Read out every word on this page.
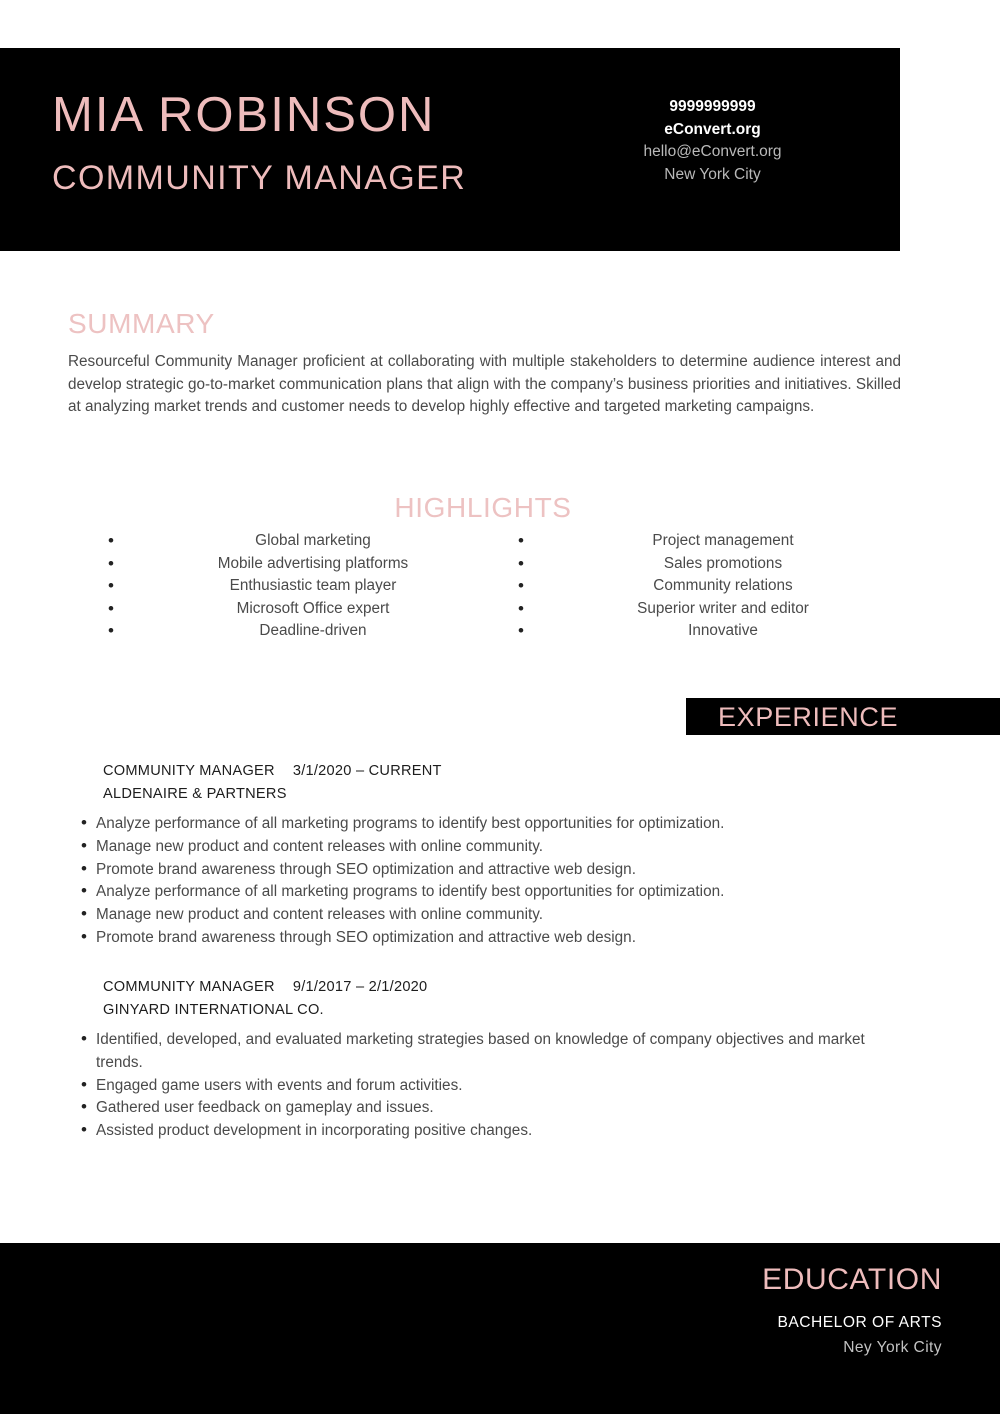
MIA ROBINSON
COMMUNITY MANAGER
9999999999
eConvert.org
hello@eConvert.org
New York City
SUMMARY
Resourceful Community Manager proficient at collaborating with multiple stakeholders to determine audience interest and develop strategic go-to-market communication plans that align with the company’s business priorities and initiatives. Skilled at analyzing market trends and customer needs to develop highly effective and targeted marketing campaigns.
HIGHLIGHTS
•	Global marketing
•	Mobile advertising platforms
•	Enthusiastic team player
•	Microsoft Office expert
•	Deadline-driven
•	Project management
•	Sales promotions
•	Community relations
•	Superior writer and editor
•	Innovative
EXPERIENCE
COMMUNITY MANAGER 3/1/2020 – CURRENT
ALDENAIRE & PARTNERS
• Analyze performance of all marketing programs to identify best opportunities for optimization.
• Manage new product and content releases with online community.
• Promote brand awareness through SEO optimization and attractive web design.
• Analyze performance of all marketing programs to identify best opportunities for optimization.
• Manage new product and content releases with online community.
• Promote brand awareness through SEO optimization and attractive web design.
COMMUNITY MANAGER 9/1/2017 – 2/1/2020
GINYARD INTERNATIONAL CO.
• Identified, developed, and evaluated marketing strategies based on knowledge of company objectives and market trends.
• Engaged game users with events and forum activities.
• Gathered user feedback on gameplay and issues.
• Assisted product development in incorporating positive changes.
EDUCATION
BACHELOR OF ARTS
Ney York City
